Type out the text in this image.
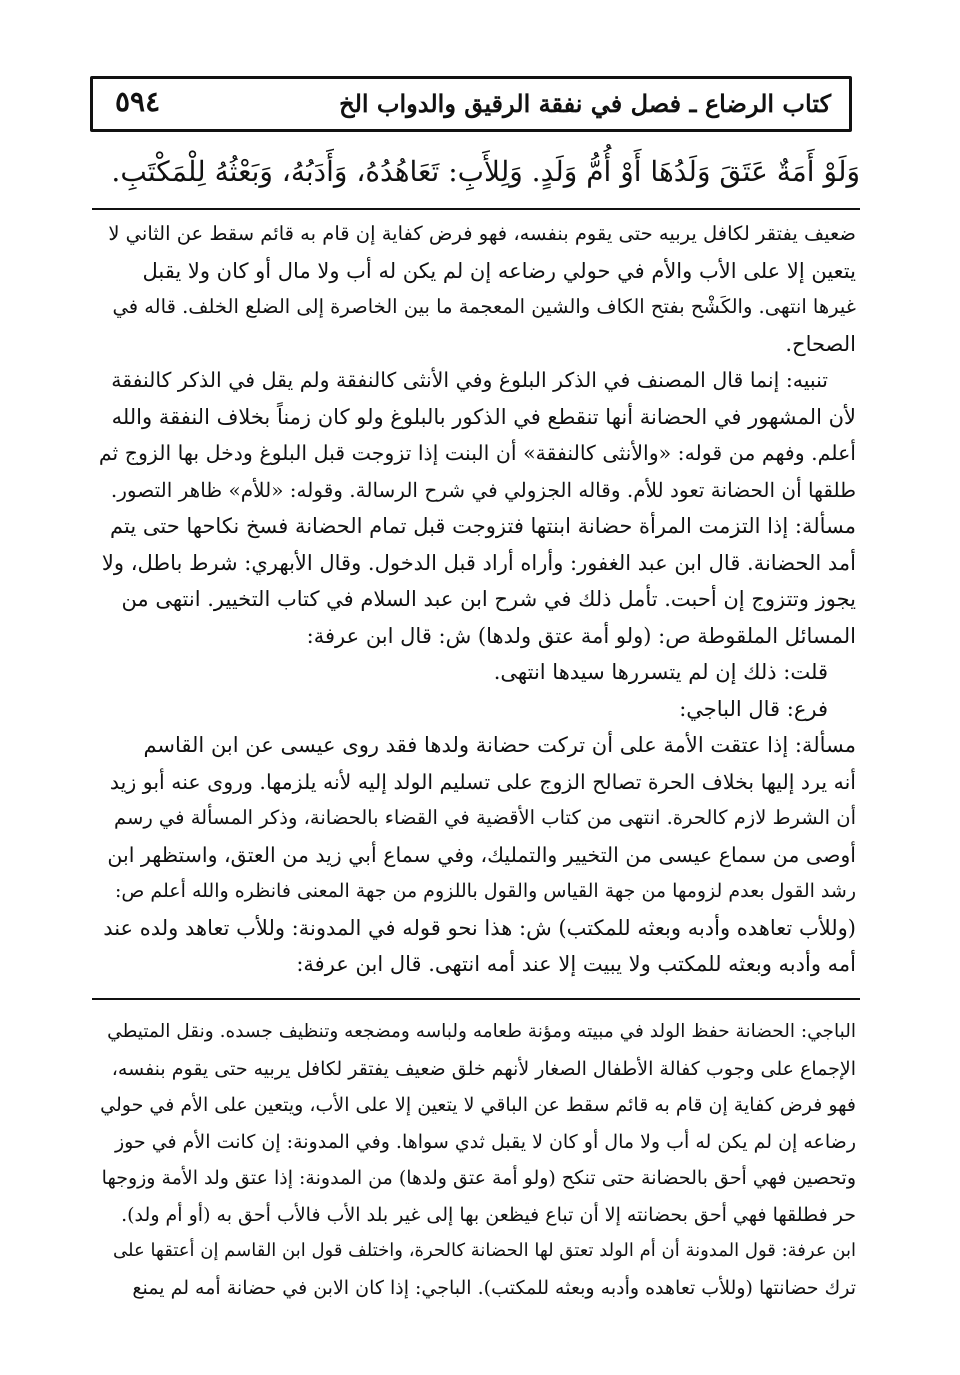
كتاب الرضاع ـ فصل في نفقة الرقيق والدواب الخ
٥٩٤
وَلَوْ أَمَةٌ عَتَقَ وَلَدُهَا أَوْ أُمُّ وَلَدٍ. وَلِلأَبِ: تَعَاهُدُهُ، وَأَدَبُهُ، وَبَعْثُهُ لِلْمَكْتَبِ.
ضعيف يفتقر لكافل يربيه حتى يقوم بنفسه، فهو فرض كفاية إن قام به قائم سقط عن الثاني لا
يتعين إلا على الأب والأم في حولي رضاعه إن لم يكن له أب ولا مال أو كان ولا يقبل
غيرها انتهى. والكَشْح بفتح الكاف والشين المعجمة ما بين الخاصرة إلى الضلع الخلف. قاله في
الصحاح.
تنبيه: إنما قال المصنف في الذكر البلوغ وفي الأنثى كالنفقة ولم يقل في الذكر كالنفقة
لأن المشهور في الحضانة أنها تنقطع في الذكور بالبلوغ ولو كان زمناً بخلاف النفقة والله
أعلم. وفهم من قوله: «والأنثى كالنفقة» أن البنت إذا تزوجت قبل البلوغ ودخل بها الزوج ثم
طلقها أن الحضانة تعود للأم. وقاله الجزولي في شرح الرسالة. وقوله: «للأم» ظاهر التصور.
مسألة: إذا التزمت المرأة حضانة ابنتها فتزوجت قبل تمام الحضانة فسخ نكاحها حتى يتم
أمد الحضانة. قال ابن عبد الغفور: وأراه أراد قبل الدخول. وقال الأبهري: شرط باطل، ولا
يجوز وتتزوج إن أحبت. تأمل ذلك في شرح ابن عبد السلام في كتاب التخيير. انتهى من
المسائل الملقوطة ص: (ولو أمة عتق ولدها) ش: قال ابن عرفة:
قلت: ذلك إن لم يتسررها سيدها انتهى.
فرع: قال الباجي:
مسألة: إذا عتقت الأمة على أن تركت حضانة ولدها فقد روى عيسى عن ابن القاسم
أنه يرد إليها بخلاف الحرة تصالح الزوج على تسليم الولد إليه لأنه يلزمها. وروى عنه أبو زيد
أن الشرط لازم كالحرة. انتهى من كتاب الأقضية في القضاء بالحضانة، وذكر المسألة في رسم
أوصى من سماع عيسى من التخيير والتمليك، وفي سماع أبي زيد من العتق، واستظهر ابن
رشد القول بعدم لزومها من جهة القياس والقول باللزوم من جهة المعنى فانظره والله أعلم ص:
(وللأب تعاهده وأدبه وبعثه للمكتب) ش: هذا نحو قوله في المدونة: وللأب تعاهد ولده عند
أمه وأدبه وبعثه للمكتب ولا يبيت إلا عند أمه انتهى. قال ابن عرفة:
الباجي: الحضانة حفظ الولد في مبيته ومؤنة طعامه ولباسه ومضجعه وتنظيف جسده. ونقل المتيطي
الإجماع على وجوب كفالة الأطفال الصغار لأنهم خلق ضعيف يفتقر لكافل يربيه حتى يقوم بنفسه،
فهو فرض كفاية إن قام به قائم سقط عن الباقي لا يتعين إلا على الأب، ويتعين على الأم في حولي
رضاعه إن لم يكن له أب ولا مال أو كان لا يقبل ثدي سواها. وفي المدونة: إن كانت الأم في حوز
وتحصين فهي أحق بالحضانة حتى تنكح (ولو أمة عتق ولدها) من المدونة: إذا عتق ولد الأمة وزوجها
حر فطلقها فهي أحق بحضانته إلا أن تباع فيظعن بها إلى غير بلد الأب فالأب أحق به (أو أم ولد).
ابن عرفة: قول المدونة أن أم الولد تعتق لها الحضانة كالحرة، واختلف قول ابن القاسم إن أعتقها على
ترك حضانتها (وللأب تعاهده وأدبه وبعثه للمكتب). الباجي: إذا كان الابن في حضانة أمه لم يمنع
